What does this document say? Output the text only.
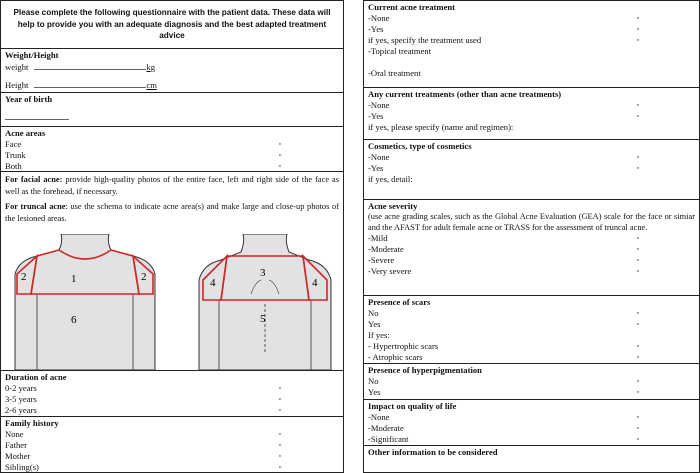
Please complete the following questionnaire with the patient data. These data will help to provide you with an adequate diagnosis and the best adapted treatment advice
Weight/Height
weight	kg
Height	cm
Year of birth
Acne areas
Face	▫
Trunk	▫
Both	▫
For facial acne: provide high-quality photos of the entire face, left and right side of the face as well as the forehead, if necessary.
For truncal acne: use the schema to indicate acne area(s) and make large and close-up photos of the lesioned areas.
2	1	2
6
3
4	4
5
Duration of acne
0-2 years	▫
3-5 years	▫
2-6 years	▫
Family history
None	▫
Father	▫
Mother	▫
Sibling(s)	▫
Current acne treatment
-None	▫
-Yes	▫
if yes, specify the treatment used	▫
-Topical treatment
-Oral treatment
Any current treatments (other than acne treatments)
-None	▫
-Yes	▫
if yes, please specify (name and regimen):
Cosmetics, type of cosmetics
-None	▫
-Yes	▫
if yes, detail:
Acne severity
(use acne grading scales, such as the Global Acne Evaluation (GEA) scale for the face or simiar and the AFAST for adult female acne or TRASS for the assessment of truncal acne.
-Mild	▫
-Moderate	▫
-Severe	▫
-Very severe	▫
Presence of scars
No	▫
Yes	▫
If yes:
- Hypertrophic scars	▫
- Atrophic scars	▫
Presence of hyperpigmentation
No	▫
Yes	▫
Impact on quality of life
-None	▫
-Moderate	▫
-Significant	▫
Other information to be considered
